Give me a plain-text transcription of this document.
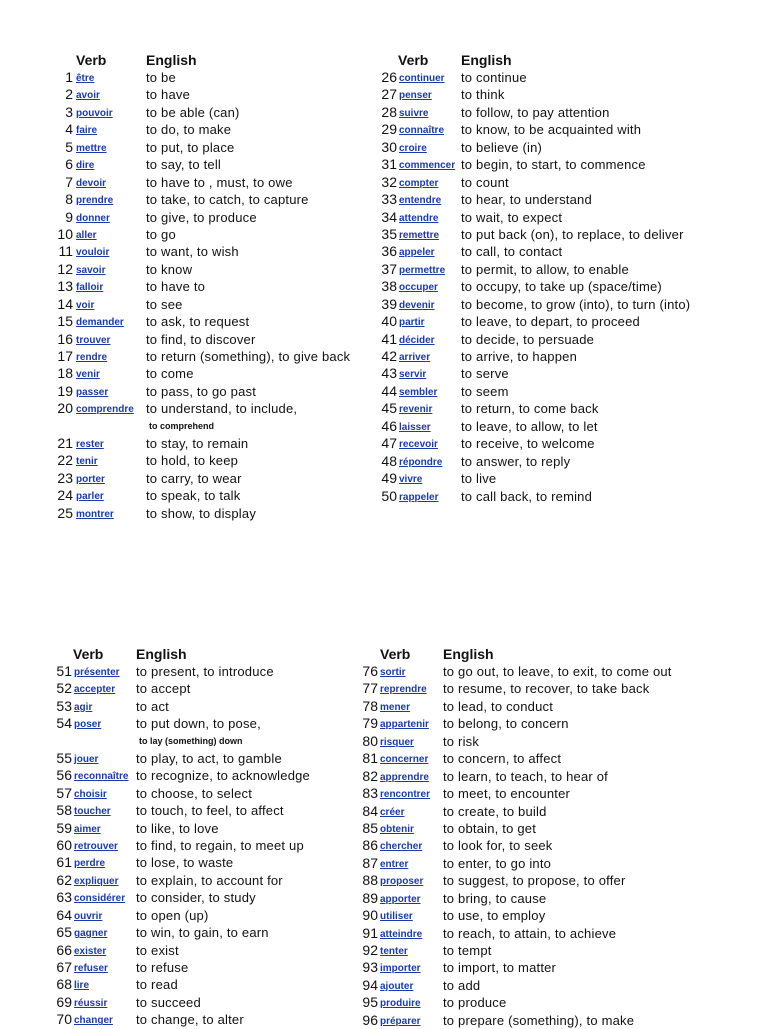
Verb	English
1 être	to be
2 avoir	to have
3 pouvoir	to be able (can)
4 faire	to do, to make
5 mettre	to put, to place
6 dire	to say, to tell
7 devoir	to have to , must, to owe
8 prendre	to take, to catch, to capture
9 donner	to give, to produce
10 aller	to go
11 vouloir	to want, to wish
12 savoir	to know
13 falloir	to have to
14 voir	to see
15 demander to ask, to request
16 trouver	to find, to discover
17 rendre	to return (something), to give back
18 venir	to come
19 passer	to pass, to go past
20 comprendre to understand, to include,
to comprehend
21 rester	to stay, to remain
22 tenir	to hold, to keep
23 porter	to carry, to wear
24 parler	to speak, to talk
25 montrer to show, to display
Verb English
26 continuer to continue
27 penser to think
28 suivre	to follow, to pay attention
29 connaître to know, to be acquainted with
30 croire	to believe (in)
31 commencer to begin, to start, to commence
32 compter to count
33 entendre to hear, to understand
34 attendre to wait, to expect
35 remettre to put back (on), to replace, to deliver
36 appeler to call, to contact
37 permettre to permit, to allow, to enable
38 occuper to occupy, to take up (space/time)
39 devenir to become, to grow (into), to turn (into)
40 partir	to leave, to depart, to proceed
41 décider to decide, to persuade
42 arriver to arrive, to happen
43 servir	to serve
44 sembler to seem
45 revenir to return, to come back
46 laisser to leave, to allow, to let
47 recevoir to receive, to welcome
48 répondre to answer, to reply
49 vivre	to live
50 rappeler to call back, to remind
Verb English
51 présenter to present, to introduce
52 accepter to accept
53 agir	to act
54 poser	to put down, to pose,
to lay (something) down
55 jouer	to play, to act, to gamble
56 reconnaître to recognize, to acknowledge
57 choisir to choose, to select
58 toucher to touch, to feel, to affect
59 aimer	to like, to love
60 retrouver to find, to regain, to meet up
61 perdre to lose, to waste
62 expliquer to explain, to account for
63 considérer to consider, to study
64 ouvrir	to open (up)
65 gagner to win, to gain, to earn
66 exister to exist
67 refuser to refuse
68 lire	to read
69 réussir to succeed
70 changer to change, to alter
Verb English
76 sortir	to go out, to leave, to exit, to come out
77 reprendre to resume, to recover, to take back
78 mener	to lead, to conduct
79 appartenir to belong, to concern
80 risquer to risk
81 concerner to concern, to affect
82 apprendre to learn, to teach, to hear of
83 rencontrer to meet, to encounter
84 créer	to create, to build
85 obtenir to obtain, to get
86 chercher to look for, to seek
87 entrer	to enter, to go into
88 proposer to suggest, to propose, to offer
89 apporter to bring, to cause
90 utiliser to use, to employ
91 atteindre to reach, to attain, to achieve
92 tenter	to tempt
93 importer to import, to matter
94 ajouter to add
95 produire to produce
96 préparer to prepare (something), to make
